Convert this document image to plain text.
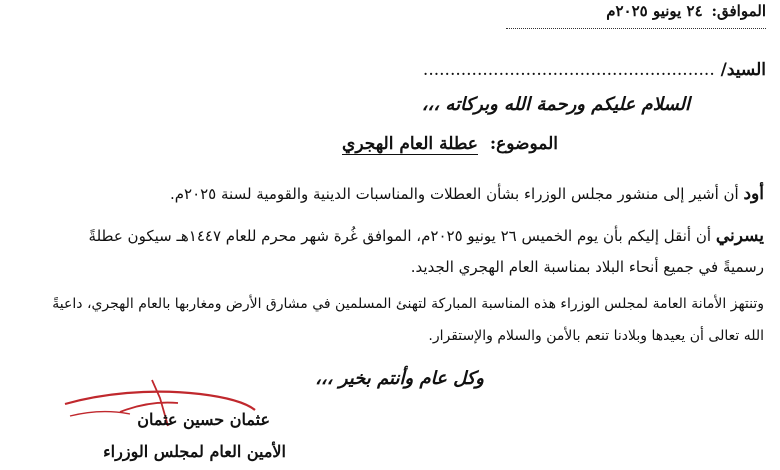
الموافق: ٢٤ يونيو ٢٠٢٥م
السيد/ ......................................................
السلام عليكم ورحمة الله وبركاته ،،،
الموضوع: عطلة العام الهجري
أود أن أشير إلى منشور مجلس الوزراء بشأن العطلات والمناسبات الدينية والقومية لسنة ٢٠٢٥م.
يسرني أن أنقل إليكم بأن يوم الخميس ٢٦ يونيو ٢٠٢٥م، الموافق غُرة شهر محرم للعام ١٤٤٧هـ سيكون عطلةً
رسميةً في جميع أنحاء البلاد بمناسبة العام الهجري الجديد.
وتنتهز الأمانة العامة لمجلس الوزراء هذه المناسبة المباركة لتهنئ المسلمين في مشارق الأرض ومغاربها بالعام الهجري، داعيةً
الله تعالى أن يعيدها وبلادنا تنعم بالأمن والسلام والإستقرار.
وكل عام وأنتم بخير ،،،
عثمان حسين عثمان
الأمين العام لمجلس الوزراء
